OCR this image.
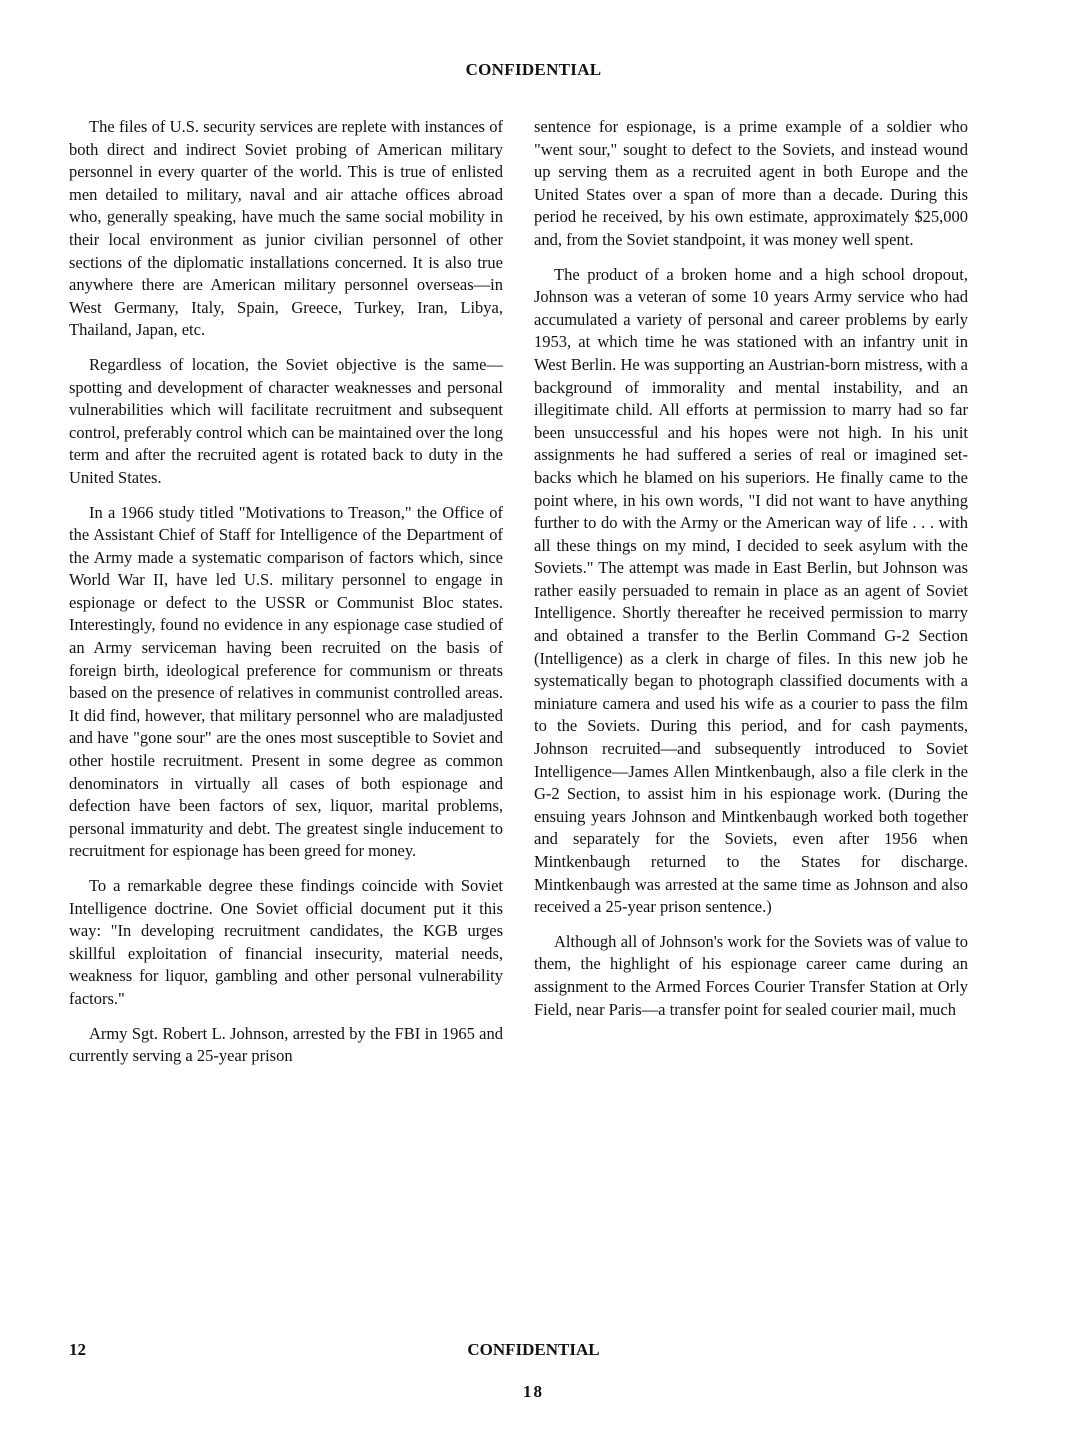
CONFIDENTIAL

The files of U.S. security services are replete with instances of both direct and indirect Soviet probing of American military personnel in every quarter of the world. This is true of enlisted men detailed to military, naval and air attache offices abroad who, generally speaking, have much the same social mobility in their local environment as junior civilian personnel of other sections of the diplomatic installations concerned. It is also true anywhere there are American military personnel overseas—in West Germany, Italy, Spain, Greece, Turkey, Iran, Libya, Thailand, Japan, etc.

Regardless of location, the Soviet objective is the same—spotting and development of character weaknesses and personal vulnerabilities which will facilitate recruitment and subsequent control, preferably control which can be maintained over the long term and after the recruited agent is rotated back to duty in the United States.

In a 1966 study titled "Motivations to Treason," the Office of the Assistant Chief of Staff for Intelligence of the Department of the Army made a systematic comparison of factors which, since World War II, have led U.S. military personnel to engage in espionage or defect to the USSR or Communist Bloc states. Interestingly, found no evidence in any espionage case studied of an Army serviceman having been recruited on the basis of foreign birth, ideological preference for communism or threats based on the presence of relatives in communist controlled areas. It did find, however, that military personnel who are maladjusted and have "gone sour" are the ones most susceptible to Soviet and other hostile recruitment. Present in some degree as common denominators in virtually all cases of both espionage and defection have been factors of sex, liquor, marital problems, personal immaturity and debt. The greatest single inducement to recruitment for espionage has been greed for money.

To a remarkable degree these findings coincide with Soviet Intelligence doctrine. One Soviet official document put it this way: "In developing recruitment candidates, the KGB urges skillful exploitation of financial insecurity, material needs, weakness for liquor, gambling and other personal vulnerability factors."

Army Sgt. Robert L. Johnson, arrested by the FBI in 1965 and currently serving a 25-year prison

sentence for espionage, is a prime example of a soldier who "went sour," sought to defect to the Soviets, and instead wound up serving them as a recruited agent in both Europe and the United States over a span of more than a decade. During this period he received, by his own estimate, approximately $25,000 and, from the Soviet standpoint, it was money well spent.

The product of a broken home and a high school dropout, Johnson was a veteran of some 10 years Army service who had accumulated a variety of personal and career problems by early 1953, at which time he was stationed with an infantry unit in West Berlin. He was supporting an Austrian-born mistress, with a background of immorality and mental instability, and an illegitimate child. All efforts at permission to marry had so far been unsuccessful and his hopes were not high. In his unit assignments he had suffered a series of real or imagined set-backs which he blamed on his superiors. He finally came to the point where, in his own words, "I did not want to have anything further to do with the Army or the American way of life . . . with all these things on my mind, I decided to seek asylum with the Soviets." The attempt was made in East Berlin, but Johnson was rather easily persuaded to remain in place as an agent of Soviet Intelligence. Shortly thereafter he received permission to marry and obtained a transfer to the Berlin Command G-2 Section (Intelligence) as a clerk in charge of files. In this new job he systematically began to photograph classified documents with a miniature camera and used his wife as a courier to pass the film to the Soviets. During this period, and for cash payments, Johnson recruited—and subsequently introduced to Soviet Intelligence—James Allen Mintkenbaugh, also a file clerk in the G-2 Section, to assist him in his espionage work. (During the ensuing years Johnson and Mintkenbaugh worked both together and separately for the Soviets, even after 1956 when Mintkenbaugh returned to the States for discharge. Mintkenbaugh was arrested at the same time as Johnson and also received a 25-year prison sentence.)

Although all of Johnson's work for the Soviets was of value to them, the highlight of his espionage career came during an assignment to the Armed Forces Courier Transfer Station at Orly Field, near Paris—a transfer point for sealed courier mail, much

12	CONFIDENTIAL
18
